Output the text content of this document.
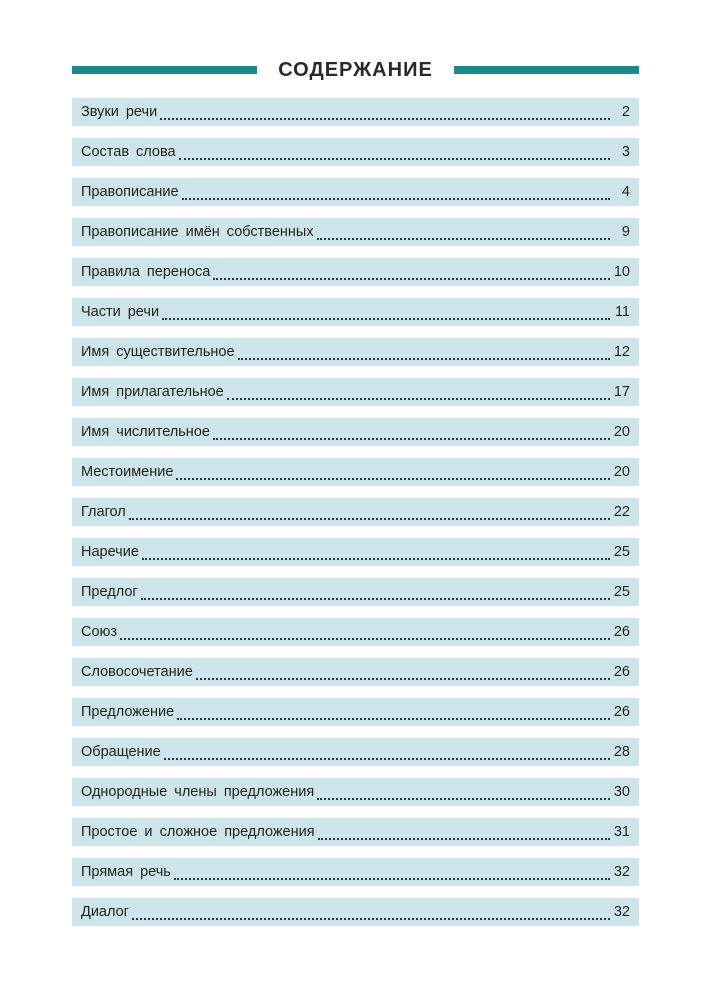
СОДЕРЖАНИЕ
Звуки речи	2
Состав слова	3
Правописание	4
Правописание имён собственных	9
Правила переноса	10
Части речи	11
Имя существительное	12
Имя прилагательное	17
Имя числительное	20
Местоимение	20
Глагол	22
Наречие	25
Предлог	25
Союз	26
Словосочетание	26
Предложение	26
Обращение	28
Однородные члены предложения	30
Простое и сложное предложения	31
Прямая речь	32
Диалог	32
